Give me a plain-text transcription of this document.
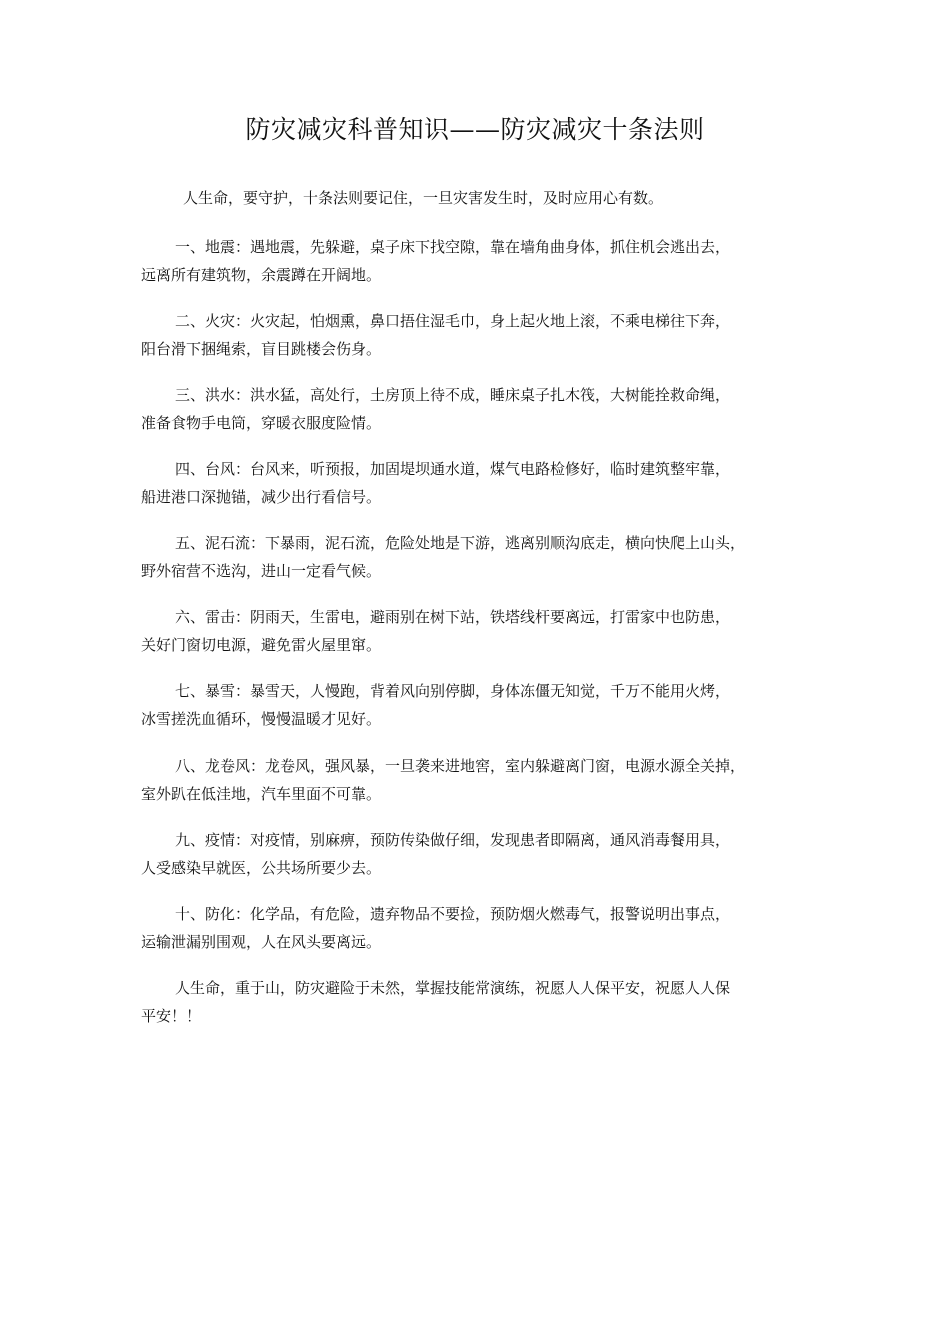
防灾减灾科普知识——防灾减灾十条法则

人生命，要守护，十条法则要记住，一旦灾害发生时，及时应用心有数。

一、地震：遇地震，先躲避，桌子床下找空隙，靠在墙角曲身体，抓住机会逃出去，
远离所有建筑物，余震蹲在开阔地。

二、火灾：火灾起，怕烟熏，鼻口捂住湿毛巾，身上起火地上滚，不乘电梯往下奔，
阳台滑下捆绳索，盲目跳楼会伤身。

三、洪水：洪水猛，高处行，土房顶上待不成，睡床桌子扎木筏，大树能拴救命绳，
准备食物手电筒，穿暖衣服度险情。

四、台风：台风来，听预报，加固堤坝通水道，煤气电路检修好，临时建筑整牢靠，
船进港口深抛锚，减少出行看信号。

五、泥石流：下暴雨，泥石流，危险处地是下游，逃离别顺沟底走，横向快爬上山头，
野外宿营不选沟，进山一定看气候。

六、雷击：阴雨天，生雷电，避雨别在树下站，铁塔线杆要离远，打雷家中也防患，
关好门窗切电源，避免雷火屋里窜。

七、暴雪：暴雪天，人慢跑，背着风向别停脚，身体冻僵无知觉，千万不能用火烤，
冰雪搓洗血循环，慢慢温暖才见好。

八、龙卷风：龙卷风，强风暴，一旦袭来进地窖，室内躲避离门窗，电源水源全关掉，
室外趴在低洼地，汽车里面不可靠。

九、疫情：对疫情，别麻痹，预防传染做仔细，发现患者即隔离，通风消毒餐用具，
人受感染早就医，公共场所要少去。

十、防化：化学品，有危险，遗弃物品不要捡，预防烟火燃毒气，报警说明出事点，
运输泄漏别围观，人在风头要离远。

人生命，重于山，防灾避险于未然，掌握技能常演练，祝愿人人保平安，祝愿人人保
平安！！
